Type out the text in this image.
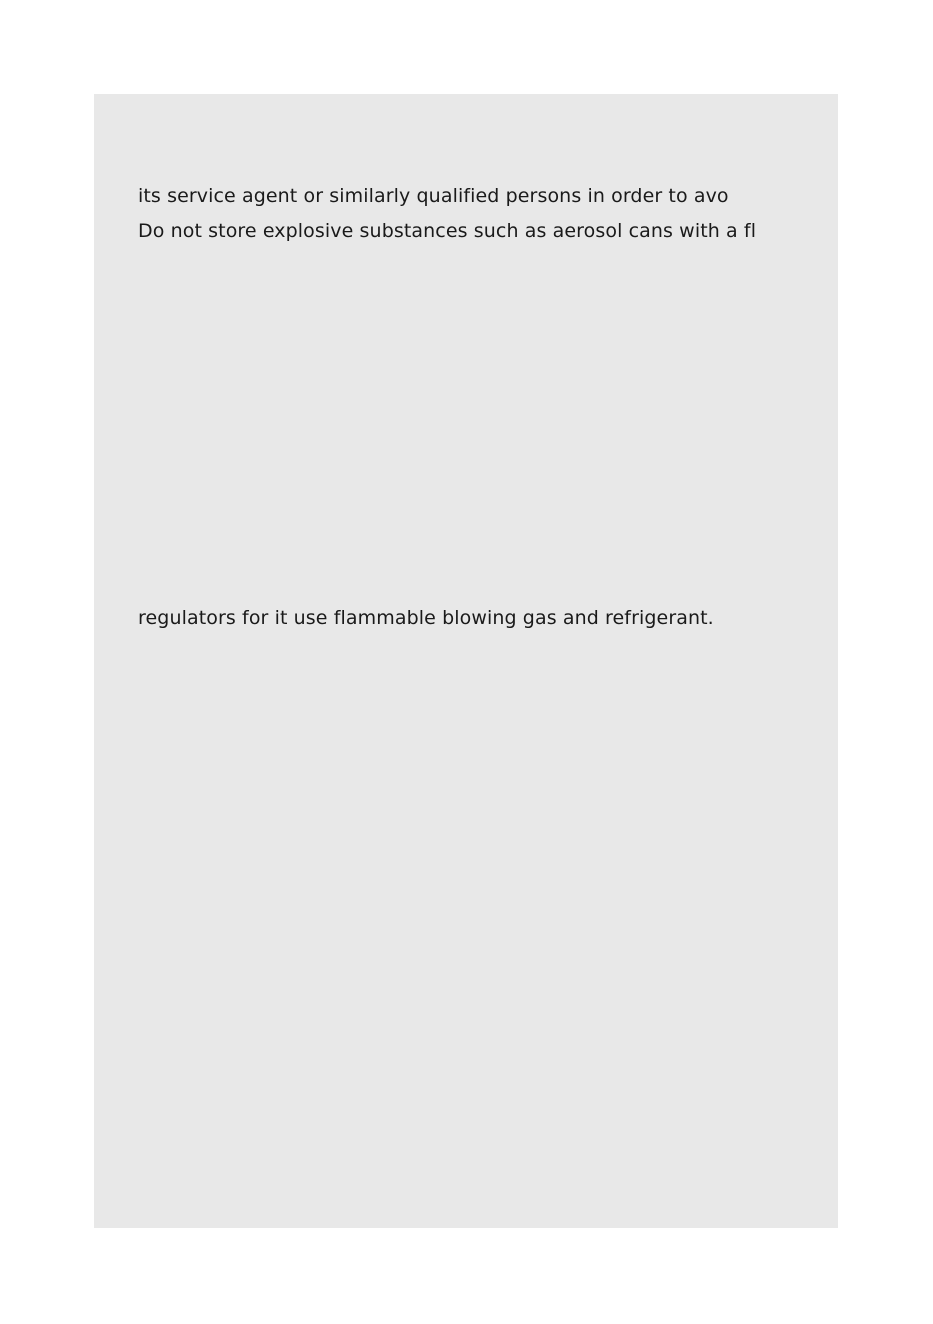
its service agent or similarly qualified persons in order to avo

Do not store explosive substances such as aerosol cans with a fl

regulators for it use flammable blowing gas and refrigerant.
